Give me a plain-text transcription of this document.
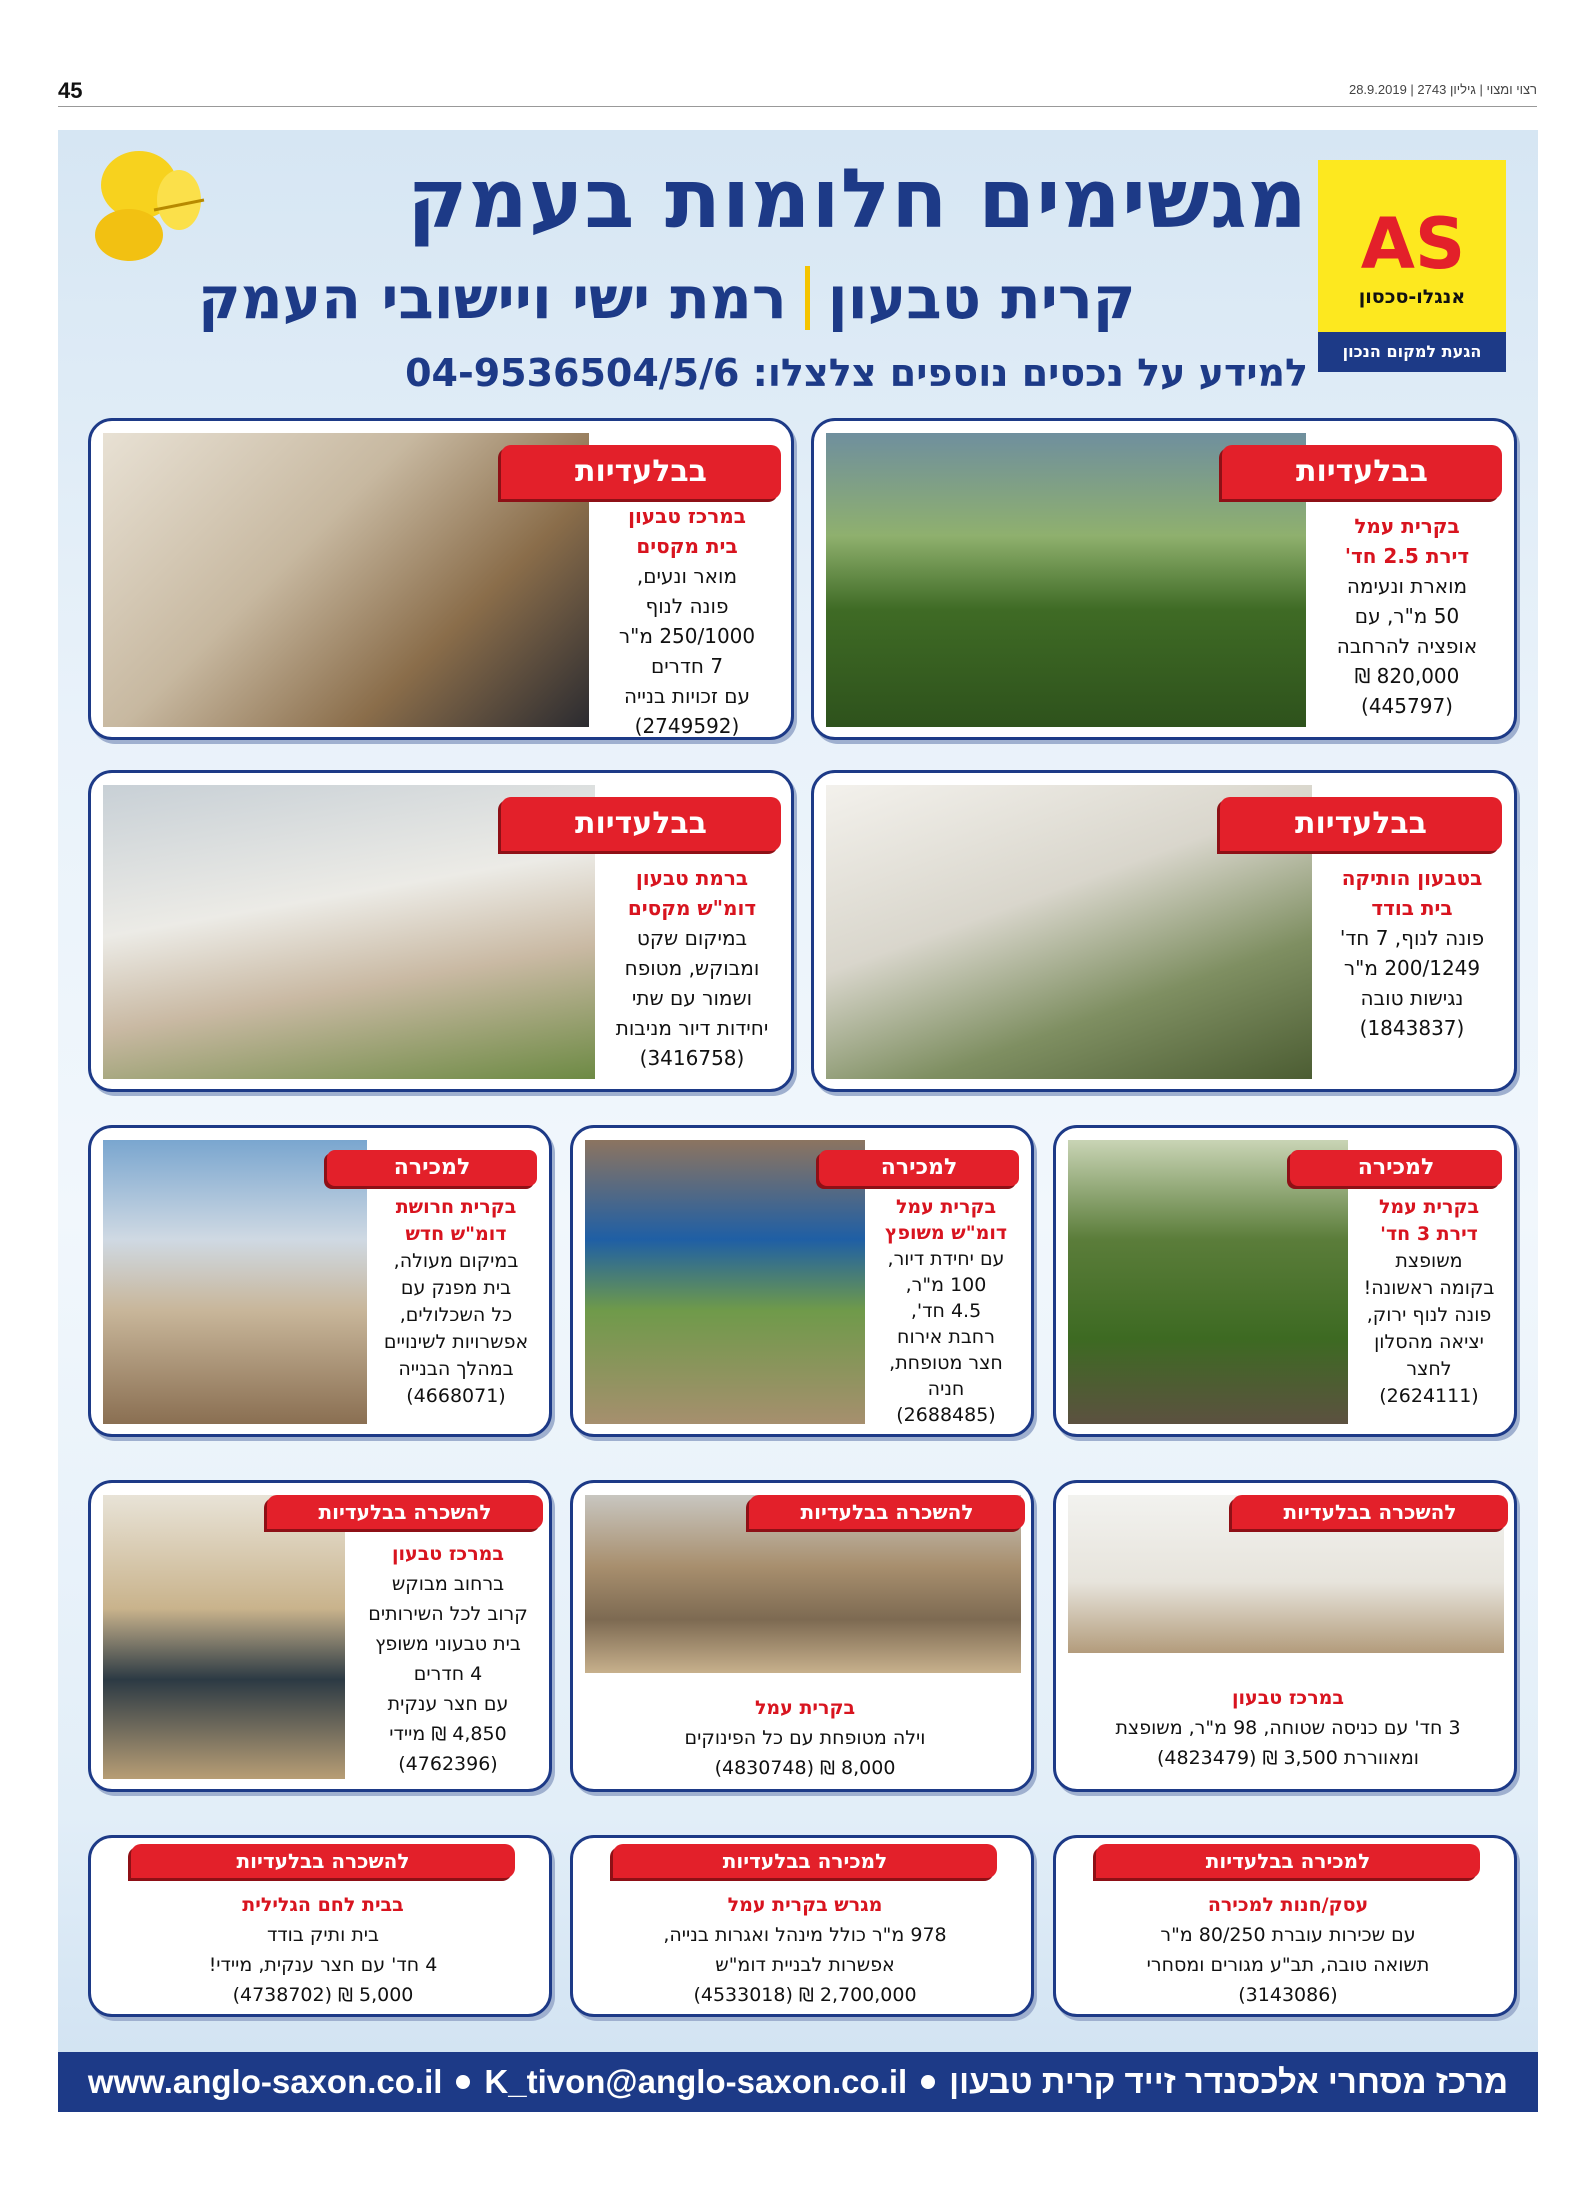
45	רצוי ומצוי | גיליון 2743 | 28.9.2019
מגשימים חלומות בעמק
קרית טבעון
רמת ישי ויישובי העמק
למידע על נכסים נוספים צלצלו: 04-9536504/5/6
AS
אנגלו-סכסון
הגעת למקום הנכון
בבלעדיות
בקרית עמל
דירת 2.5 חד'
מוארת ונעימה
50 מ"ר, עם
אופציה להרחבה
820,000 ₪
(445797)
בבלעדיות
במרכז טבעון
בית מקסים
מואר ונעים,
פונה לנוף
250/1000 מ"ר
7 חדרים
עם זכויות בנייה
(2749592)
בבלעדיות
בטבעון הותיקה
בית בודד
פונה לנוף, 7 חד'
200/1249 מ"ר
נגישות טובה
(1843837)
בבלעדיות
ברמת טבעון
דומ"ש מקסים
במיקום שקט
ומבוקש, מטופח
ושמור עם שתי
יחידות דיור מניבות
(3416758)
למכירה
בקרית עמל
דירת 3 חד'
משופצת
בקומה ראשונה!
פונה לנוף ירוק,
יציאה מהסלון
לחצר
(2624111)
למכירה
בקרית עמל
דומ"ש משופץ
עם יחידת דיור,
100 מ"ר,
4.5 חד',
רחבת אירוח
חצר מטופחת,
חניה
(2688485)
למכירה
בקרית חרושת
דומ"ש חדש
במיקום מעולה,
בית מפנק עם
כל השכלולים,
אפשרויות לשינויים
במהלך הבנייה
(4668071)
להשכרה בבלעדיות
במרכז טבעון
3 חד' עם כניסה שטוחה, 98 מ"ר, משופצת
ומאווררת 3,500 ₪ (4823479)
להשכרה בבלעדיות
בקרית עמל
וילה מטופחת עם כל הפינוקים
8,000 ₪ (4830748)
להשכרה בבלעדיות
במרכז טבעון
ברחוב מבוקש
קרוב לכל השירותים
בית טבעוני משופץ
4 חדרים
עם חצר ענקית
4,850 ₪ מיידי
(4762396)
למכירה בבלעדיות
עסק/חנות למכירה
עם שכירות עוברת 80/250 מ"ר
תשואה טובה, תב"ע מגורים ומסחרי
(3143086)
למכירה בבלעדיות
מגרש בקרית עמל
978 מ"ר כולל מינהל ואגרות בנייה,
אפשרות לבניית דומ"ש
(4533018) ₪ 2,700,000
להשכרה בבלעדיות
בבית לחם הגלילית
בית ותיק בודד
4 חד' עם חצר ענקית, מיידי!
(4738702) ₪ 5,000
מרכז מסחרי אלכסנדר זייד קרית טבעון
K_tivon@anglo-saxon.co.il
www.anglo-saxon.co.il
